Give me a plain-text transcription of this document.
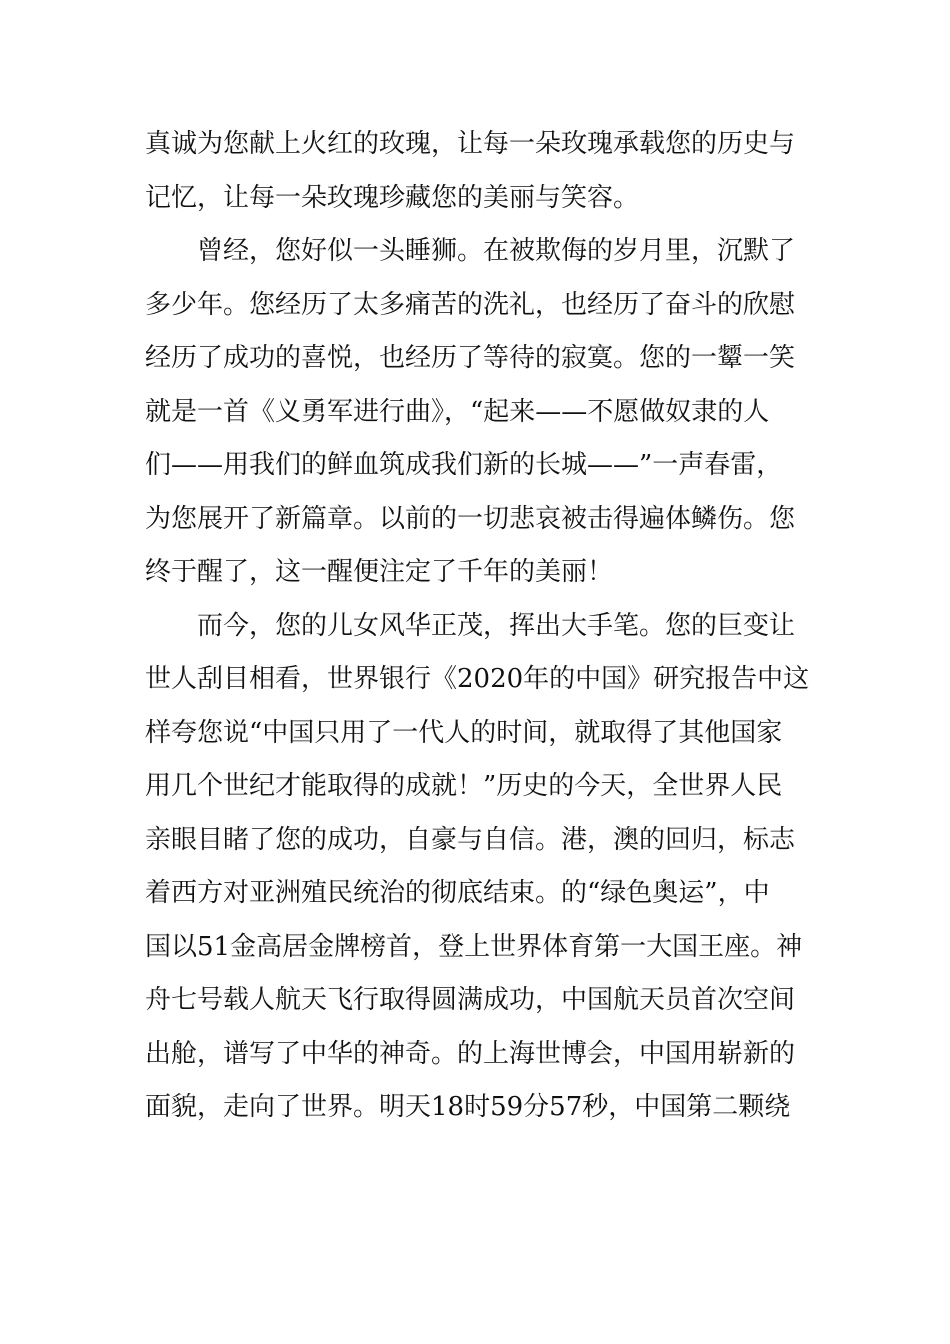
真诚为您献上火红的玫瑰，让每一朵玫瑰承载您的历史与
记忆，让每一朵玫瑰珍藏您的美丽与笑容。
曾经，您好似一头睡狮。在被欺侮的岁月里，沉默了
多少年。您经历了太多痛苦的洗礼，也经历了奋斗的欣慰
经历了成功的喜悦，也经历了等待的寂寞。您的一颦一笑
就是一首《义勇军进行曲》，“起来——不愿做奴隶的人
们——用我们的鲜血筑成我们新的长城——”一声春雷，
为您展开了新篇章。以前的一切悲哀被击得遍体鳞伤。您
终于醒了，这一醒便注定了千年的美丽！
而今，您的儿女风华正茂，挥出大手笔。您的巨变让
世人刮目相看，世界银行《2020年的中国》研究报告中这
样夸您说“中国只用了一代人的时间，就取得了其他国家
用几个世纪才能取得的成就！”历史的今天，全世界人民
亲眼目睹了您的成功，自豪与自信。港，澳的回归，标志
着西方对亚洲殖民统治的彻底结束。的“绿色奥运”，中
国以51金高居金牌榜首，登上世界体育第一大国王座。神
舟七号载人航天飞行取得圆满成功，中国航天员首次空间
出舱，谱写了中华的神奇。的上海世博会，中国用崭新的
面貌，走向了世界。明天18时59分57秒，中国第二颗绕
